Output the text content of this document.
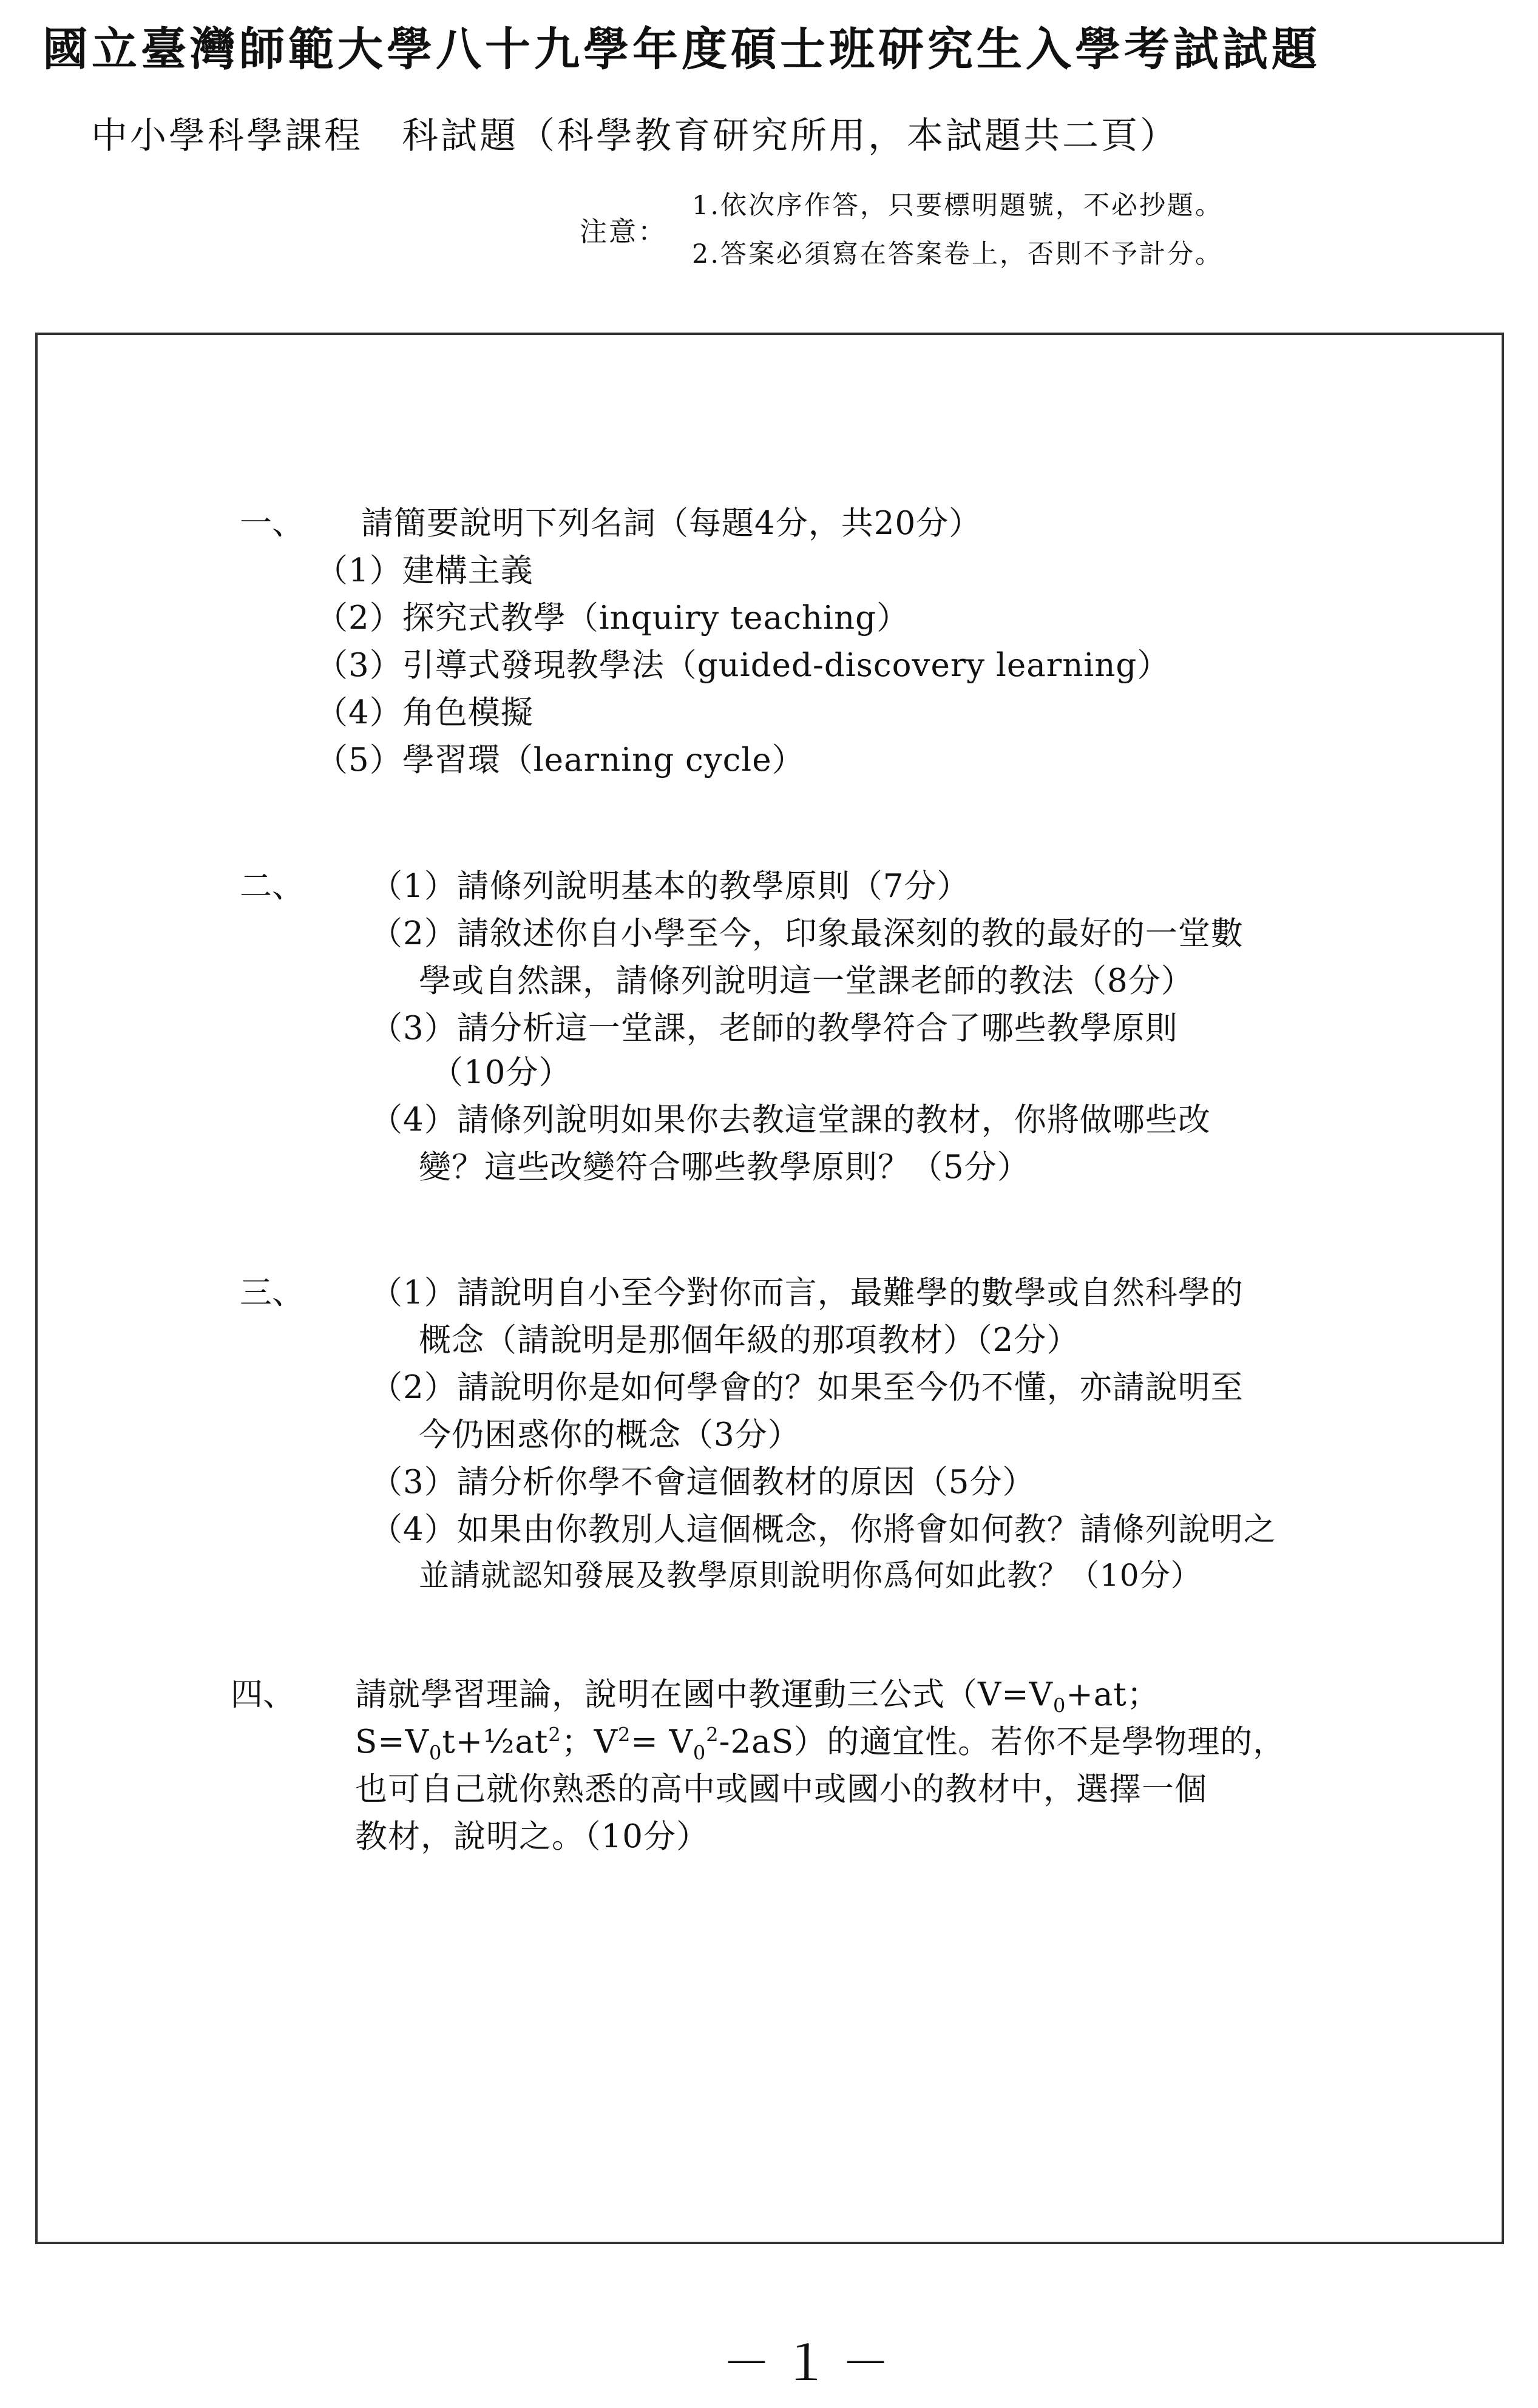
國立臺灣師範大學八十九學年度碩士班研究生入學考試試題
中小學科學課程　科試題（科學教育研究所用，本試題共二頁）
注意：
1.依次序作答，只要標明題號，不必抄題。
2.答案必須寫在答案卷上，否則不予計分。
一、 請簡要說明下列名詞（每題4分，共20分）
（1）建構主義
（2）探究式教學（inquiry teaching）
（3）引導式發現教學法（guided-discovery learning）
（4）角色模擬
（5）學習環（learning cycle）
二、 （1）請條列說明基本的教學原則（7分）
（2）請敘述你自小學至今，印象最深刻的教的最好的一堂數
學或自然課，請條列說明這一堂課老師的教法（8分）
（3）請分析這一堂課，老師的教學符合了哪些教學原則
（10分）
（4）請條列說明如果你去教這堂課的教材，你將做哪些改
變？這些改變符合哪些教學原則？（5分）
三、 （1）請說明自小至今對你而言，最難學的數學或自然科學的
概念（請說明是那個年級的那項教材）（2分）
（2）請說明你是如何學會的？如果至今仍不懂，亦請說明至
今仍困惑你的概念（3分）
（3）請分析你學不會這個教材的原因（5分）
（4）如果由你教別人這個概念，你將會如何教？請條列說明之
並請就認知發展及教學原則說明你爲何如此教？（10分）
四、 請就學習理論，說明在國中教運動三公式（$V=V_0+at$；
$S=V_0t+\frac{1}{2}at^2$；$V^2= V_0^2-2aS$）的適宜性。若你不是學物理的，
也可自己就你熟悉的高中或國中或國小的教材中，選擇一個
教材，說明之。（10分）
－１－
